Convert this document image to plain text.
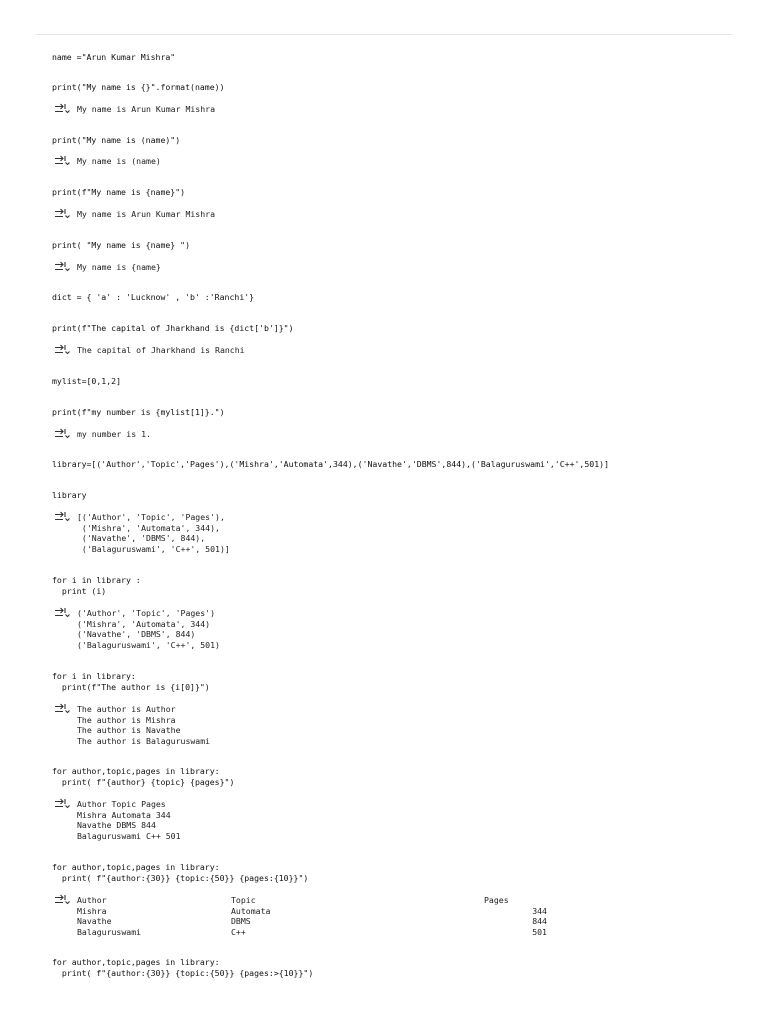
name ="Arun Kumar Mishra"
print("My name is {}".format(name))
My name is Arun Kumar Mishra
print("My name is (name)")
My name is (name)
print(f"My name is {name}")
My name is Arun Kumar Mishra
print( "My name is {name} ")
My name is {name}
dict = { 'a' : 'Lucknow' , 'b' :'Ranchi'}
print(f"The capital of Jharkhand is {dict['b']}")
The capital of Jharkhand is Ranchi
mylist=[0,1,2]
print(f"my number is {mylist[1]}.")
my number is 1.
library=[('Author','Topic','Pages'),('Mishra','Automata',344),('Navathe','DBMS',844),('Balaguruswami','C++',501)]
library
[('Author', 'Topic', 'Pages'),
('Mishra', 'Automata', 344),
('Navathe', 'DBMS', 844),
('Balaguruswami', 'C++', 501)]
for i in library :
print (i)
('Author', 'Topic', 'Pages')
('Mishra', 'Automata', 344)
('Navathe', 'DBMS', 844)
('Balaguruswami', 'C++', 501)
for i in library:
print(f"The author is {i[0]}")
The author is Author
The author is Mishra
The author is Navathe
The author is Balaguruswami
for author,topic,pages in library:
print( f"{author} {topic} {pages}")
Author Topic Pages
Mishra Automata 344
Navathe DBMS 844
Balaguruswami C++ 501
for author,topic,pages in library:
print( f"{author:{30}} {topic:{50}} {pages:{10}}")
Author	Topic	Pages
Mishra	Automata	344
Navathe	DBMS	844
Balaguruswami	C++	501
for author,topic,pages in library:
print( f"{author:{30}} {topic:{50}} {pages:>{10}}")
